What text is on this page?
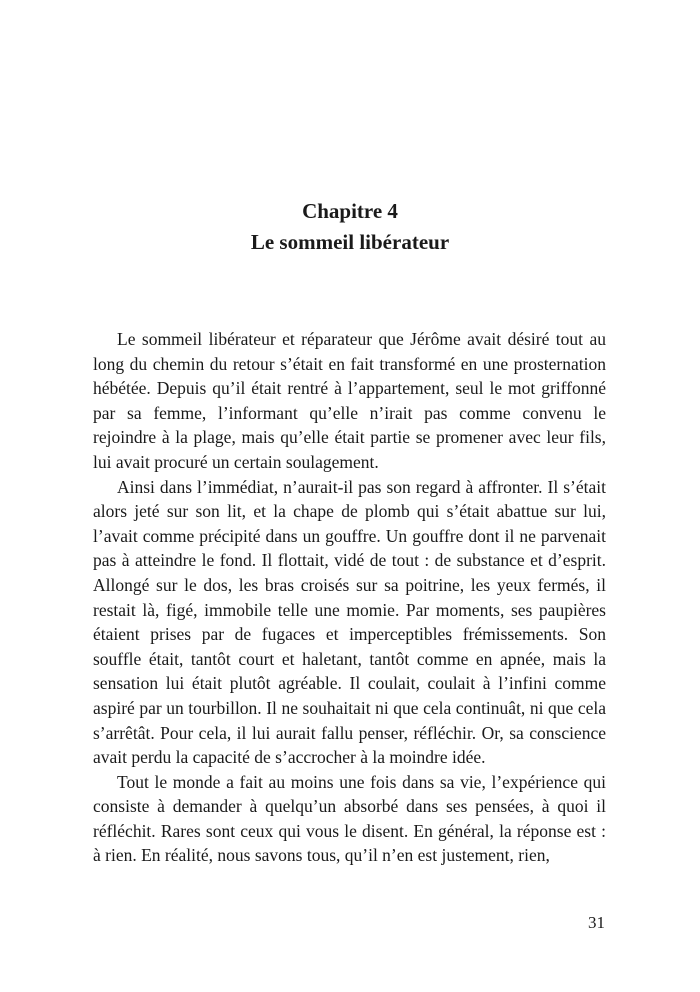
Chapitre 4
Le sommeil libérateur

Le sommeil libérateur et réparateur que Jérôme avait désiré tout au long du chemin du retour s’était en fait transformé en une prosternation hébétée. Depuis qu’il était rentré à l’appartement, seul le mot griffonné par sa femme, l’informant qu’elle n’irait pas comme convenu le rejoindre à la plage, mais qu’elle était partie se promener avec leur fils, lui avait procuré un certain soulagement.

Ainsi dans l’immédiat, n’aurait-il pas son regard à affronter. Il s’était alors jeté sur son lit, et la chape de plomb qui s’était abattue sur lui, l’avait comme précipité dans un gouffre. Un gouffre dont il ne parvenait pas à atteindre le fond. Il flottait, vidé de tout : de substance et d’esprit. Allongé sur le dos, les bras croisés sur sa poitrine, les yeux fermés, il restait là, figé, immobile telle une momie. Par moments, ses paupières étaient prises par de fugaces et imperceptibles frémissements. Son souffle était, tantôt court et haletant, tantôt comme en apnée, mais la sensation lui était plutôt agréable. Il coulait, coulait à l’infini comme aspiré par un tourbillon. Il ne souhaitait ni que cela continuât, ni que cela s’arrêtât. Pour cela, il lui aurait fallu penser, réfléchir. Or, sa conscience avait perdu la capacité de s’accrocher à la moindre idée.

Tout le monde a fait au moins une fois dans sa vie, l’expérience qui consiste à demander à quelqu’un absorbé dans ses pensées, à quoi il réfléchit. Rares sont ceux qui vous le disent. En général, la réponse est : à rien. En réalité, nous savons tous, qu’il n’en est justement, rien,

31
